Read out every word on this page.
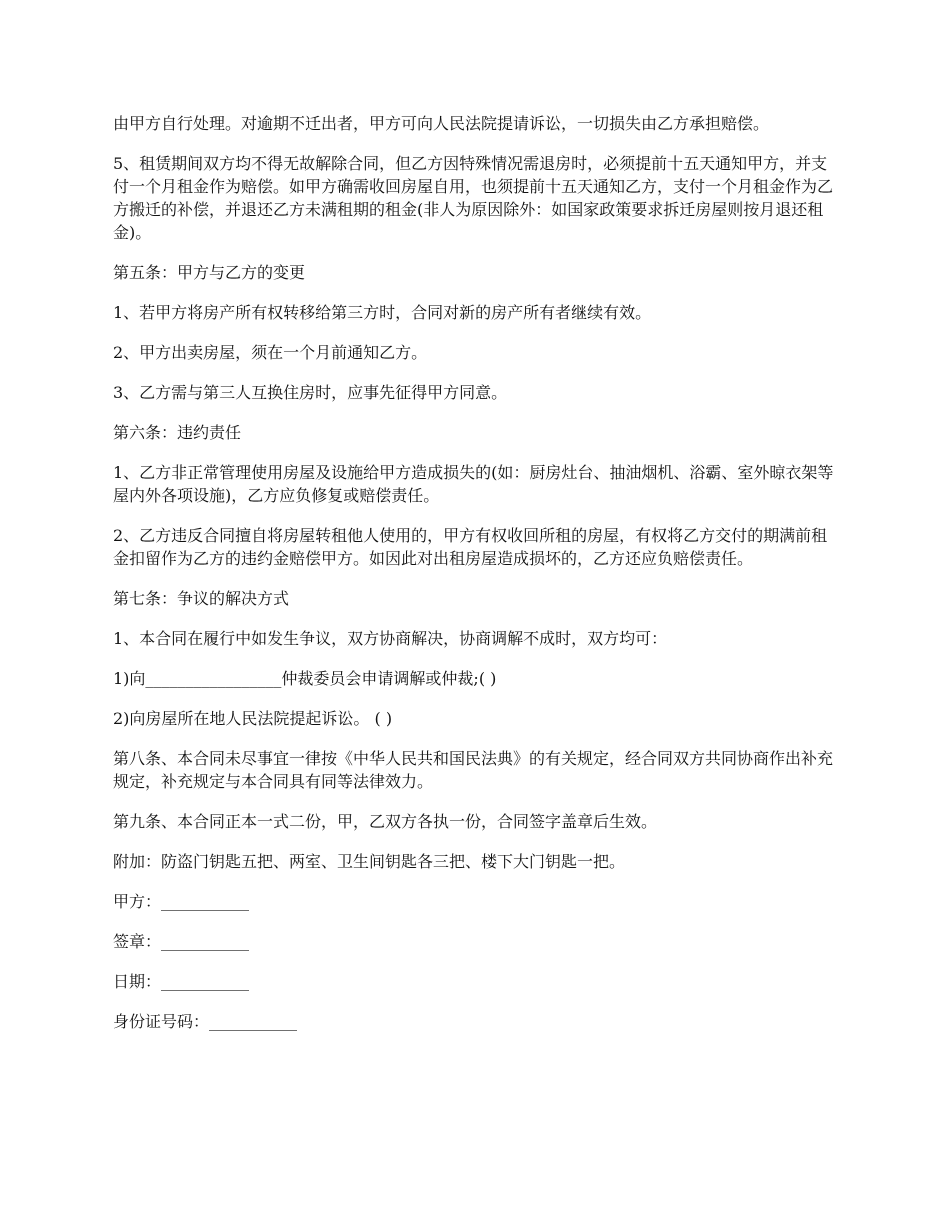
由甲方自行处理。对逾期不迁出者，甲方可向人民法院提请诉讼，一切损失由乙方承担赔偿。

5、租赁期间双方均不得无故解除合同，但乙方因特殊情况需退房时，必须提前十五天通知甲方，并支付一个月租金作为赔偿。如甲方确需收回房屋自用，也须提前十五天通知乙方，支付一个月租金作为乙方搬迁的补偿，并退还乙方未满租期的租金(非人为原因除外：如国家政策要求拆迁房屋则按月退还租金)。

第五条：甲方与乙方的变更

1、若甲方将房产所有权转移给第三方时，合同对新的房产所有者继续有效。

2、甲方出卖房屋，须在一个月前通知乙方。

3、乙方需与第三人互换住房时，应事先征得甲方同意。

第六条：违约责任

1、乙方非正常管理使用房屋及设施给甲方造成损失的(如：厨房灶台、抽油烟机、浴霸、室外晾衣架等屋内外各项设施)，乙方应负修复或赔偿责任。

2、乙方违反合同擅自将房屋转租他人使用的，甲方有权收回所租的房屋，有权将乙方交付的期满前租金扣留作为乙方的违约金赔偿甲方。如因此对出租房屋造成损坏的，乙方还应负赔偿责任。

第七条：争议的解决方式

1、本合同在履行中如发生争议，双方协商解决，协商调解不成时，双方均可：

1)向_________________仲裁委员会申请调解或仲裁;( )

2)向房屋所在地人民法院提起诉讼。 ( )

第八条、本合同未尽事宜一律按《中华人民共和国民法典》的有关规定，经合同双方共同协商作出补充规定，补充规定与本合同具有同等法律效力。

第九条、本合同正本一式二份，甲，乙双方各执一份，合同签字盖章后生效。

附加：防盗门钥匙五把、两室、卫生间钥匙各三把、楼下大门钥匙一把。

甲方：___________

签章：___________

日期：___________

身份证号码：___________
